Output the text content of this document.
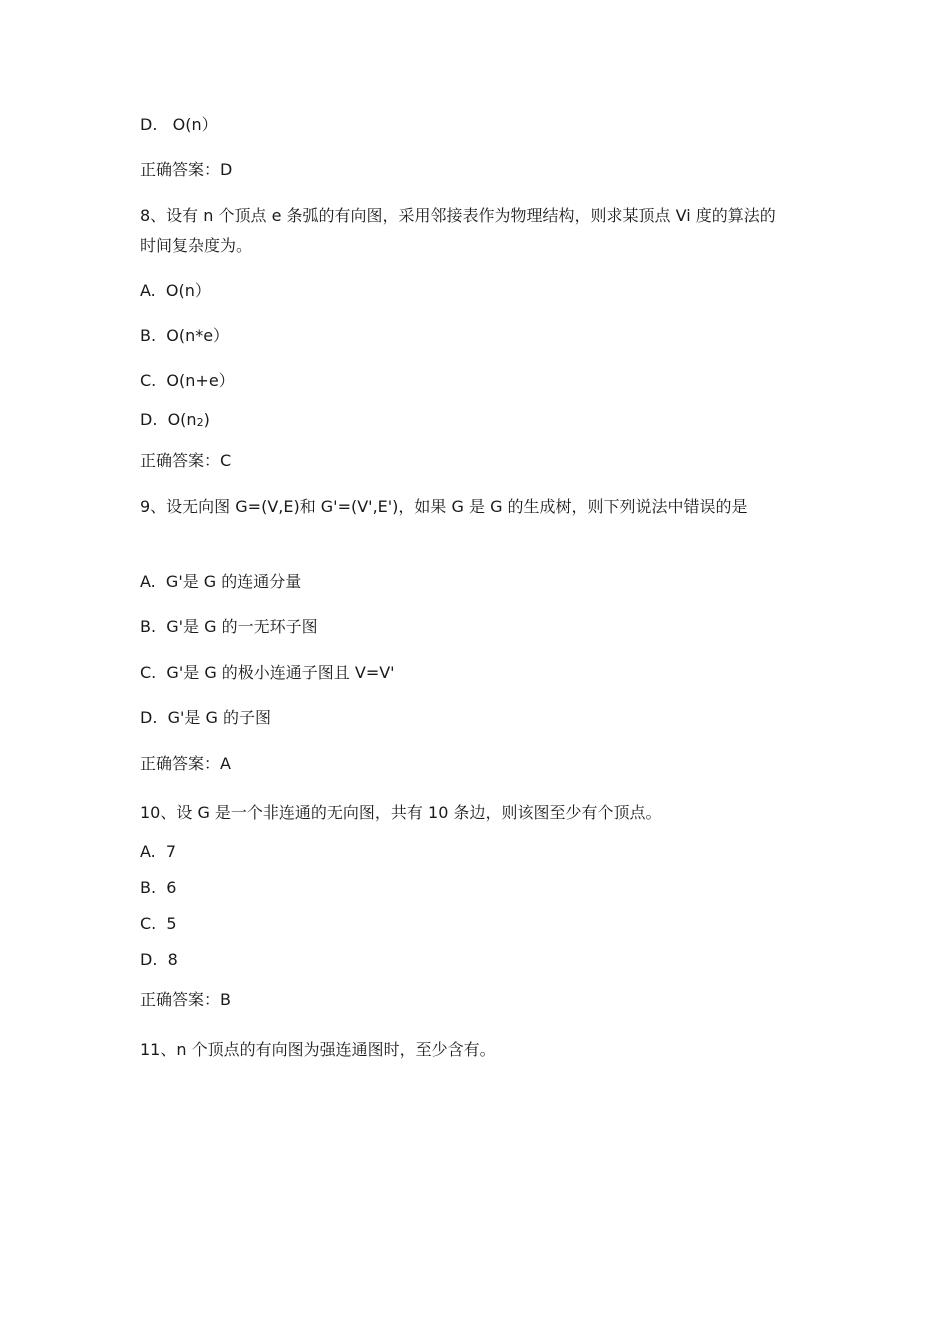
D.   O(n）
正确答案：D
8、设有 n 个顶点 e 条弧的有向图，采用邻接表作为物理结构，则求某顶点 Vi 度的算法的时间复杂度为。
A.  O(n）
B.  O(n*e）
C.  O(n+e）
D.  O(n2)
正确答案：C
9、设无向图 G=(V,E)和 G'=(V',E')，如果 G 是 G 的生成树，则下列说法中错误的是
A.  G'是 G 的连通分量
B.  G'是 G 的一无环子图
C.  G'是 G 的极小连通子图且 V=V'
D.  G'是 G 的子图
正确答案：A
10、设 G 是一个非连通的无向图，共有 10 条边，则该图至少有个顶点。
A.  7
B.  6
C.  5
D.  8
正确答案：B
11、n 个顶点的有向图为强连通图时，至少含有。
